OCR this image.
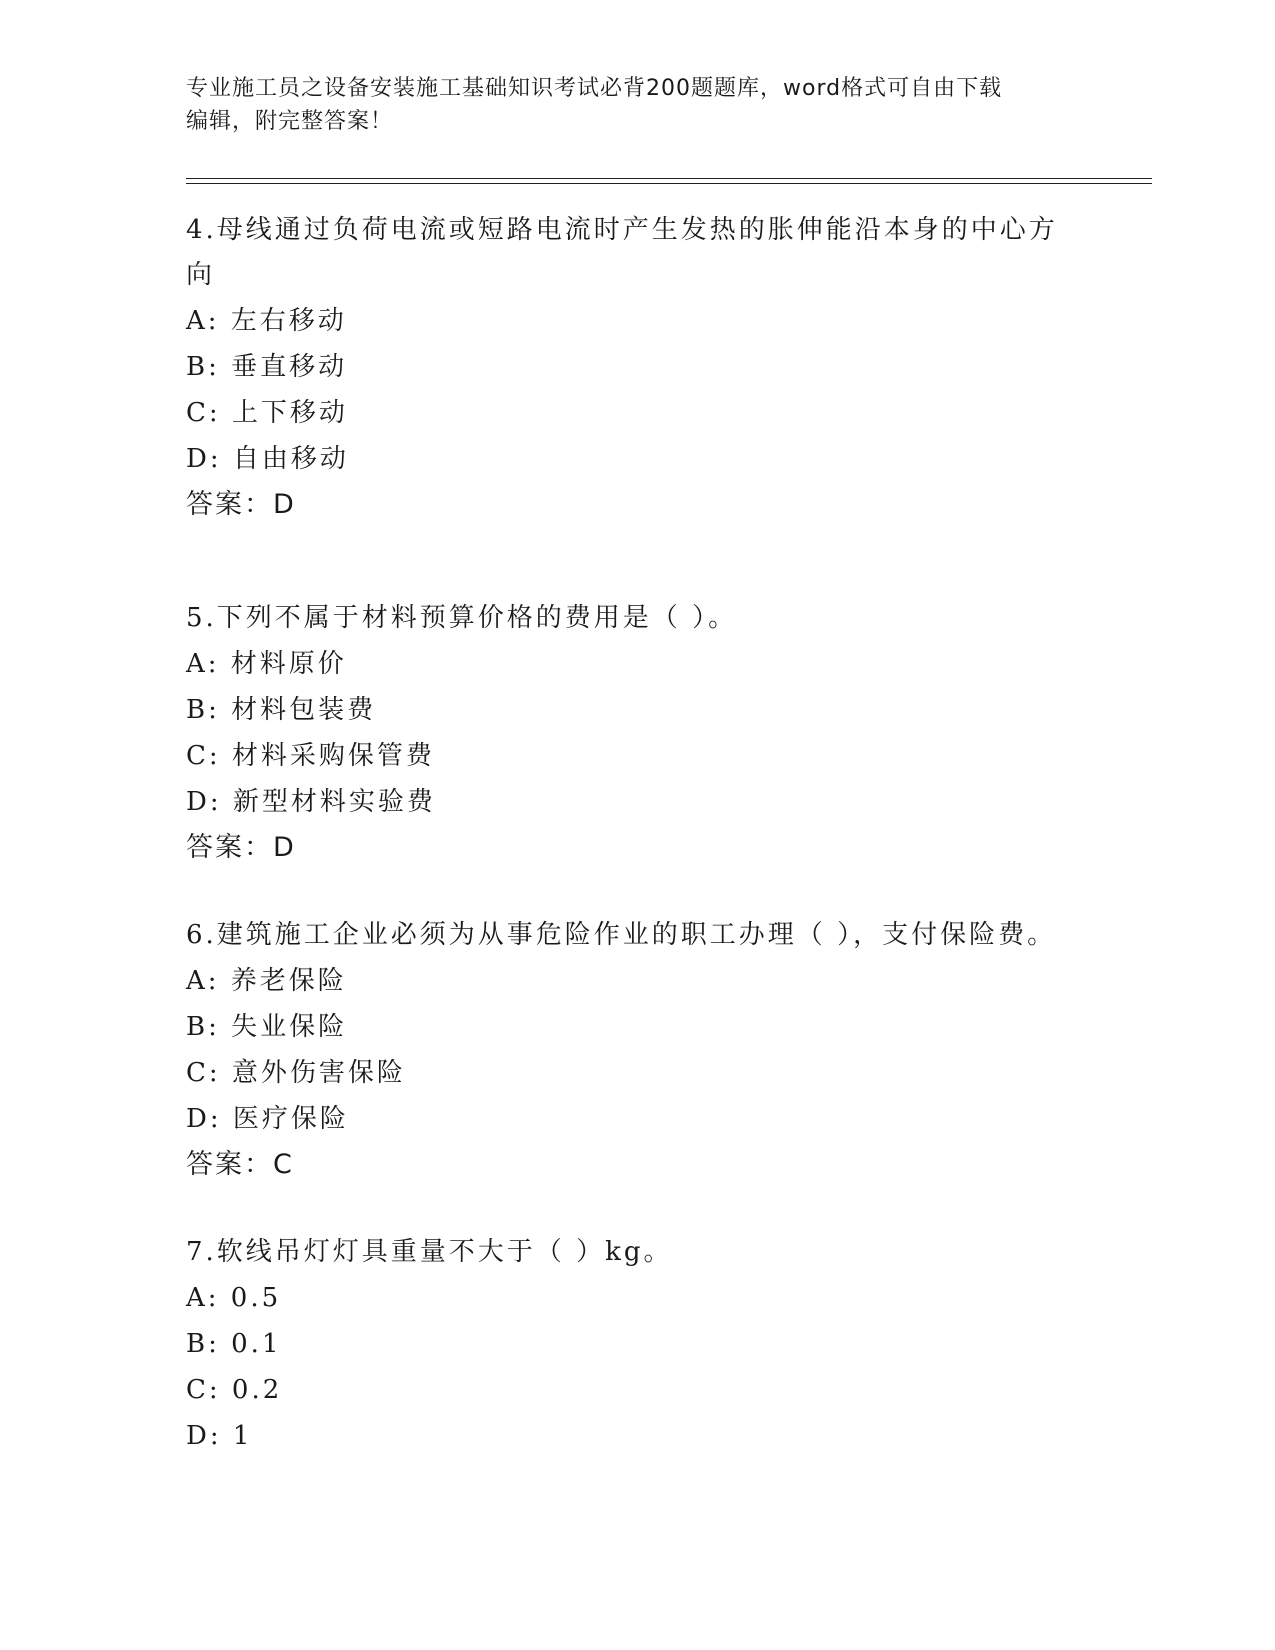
专业施工员之设备安装施工基础知识考试必背200题题库，word格式可自由下载
编辑，附完整答案！
4.母线通过负荷电流或短路电流时产生发热的胀伸能沿本身的中心方
向
A: 左右移动
B: 垂直移动
C: 上下移动
D: 自由移动
答案：D
5.下列不属于材料预算价格的费用是（ ）。
A: 材料原价
B: 材料包装费
C: 材料采购保管费
D: 新型材料实验费
答案：D
6.建筑施工企业必须为从事危险作业的职工办理（ ），支付保险费。
A: 养老保险
B: 失业保险
C: 意外伤害保险
D: 医疗保险
答案：C
7.软线吊灯灯具重量不大于（ ）kg。
A: 0.5
B: 0.1
C: 0.2
D: 1
